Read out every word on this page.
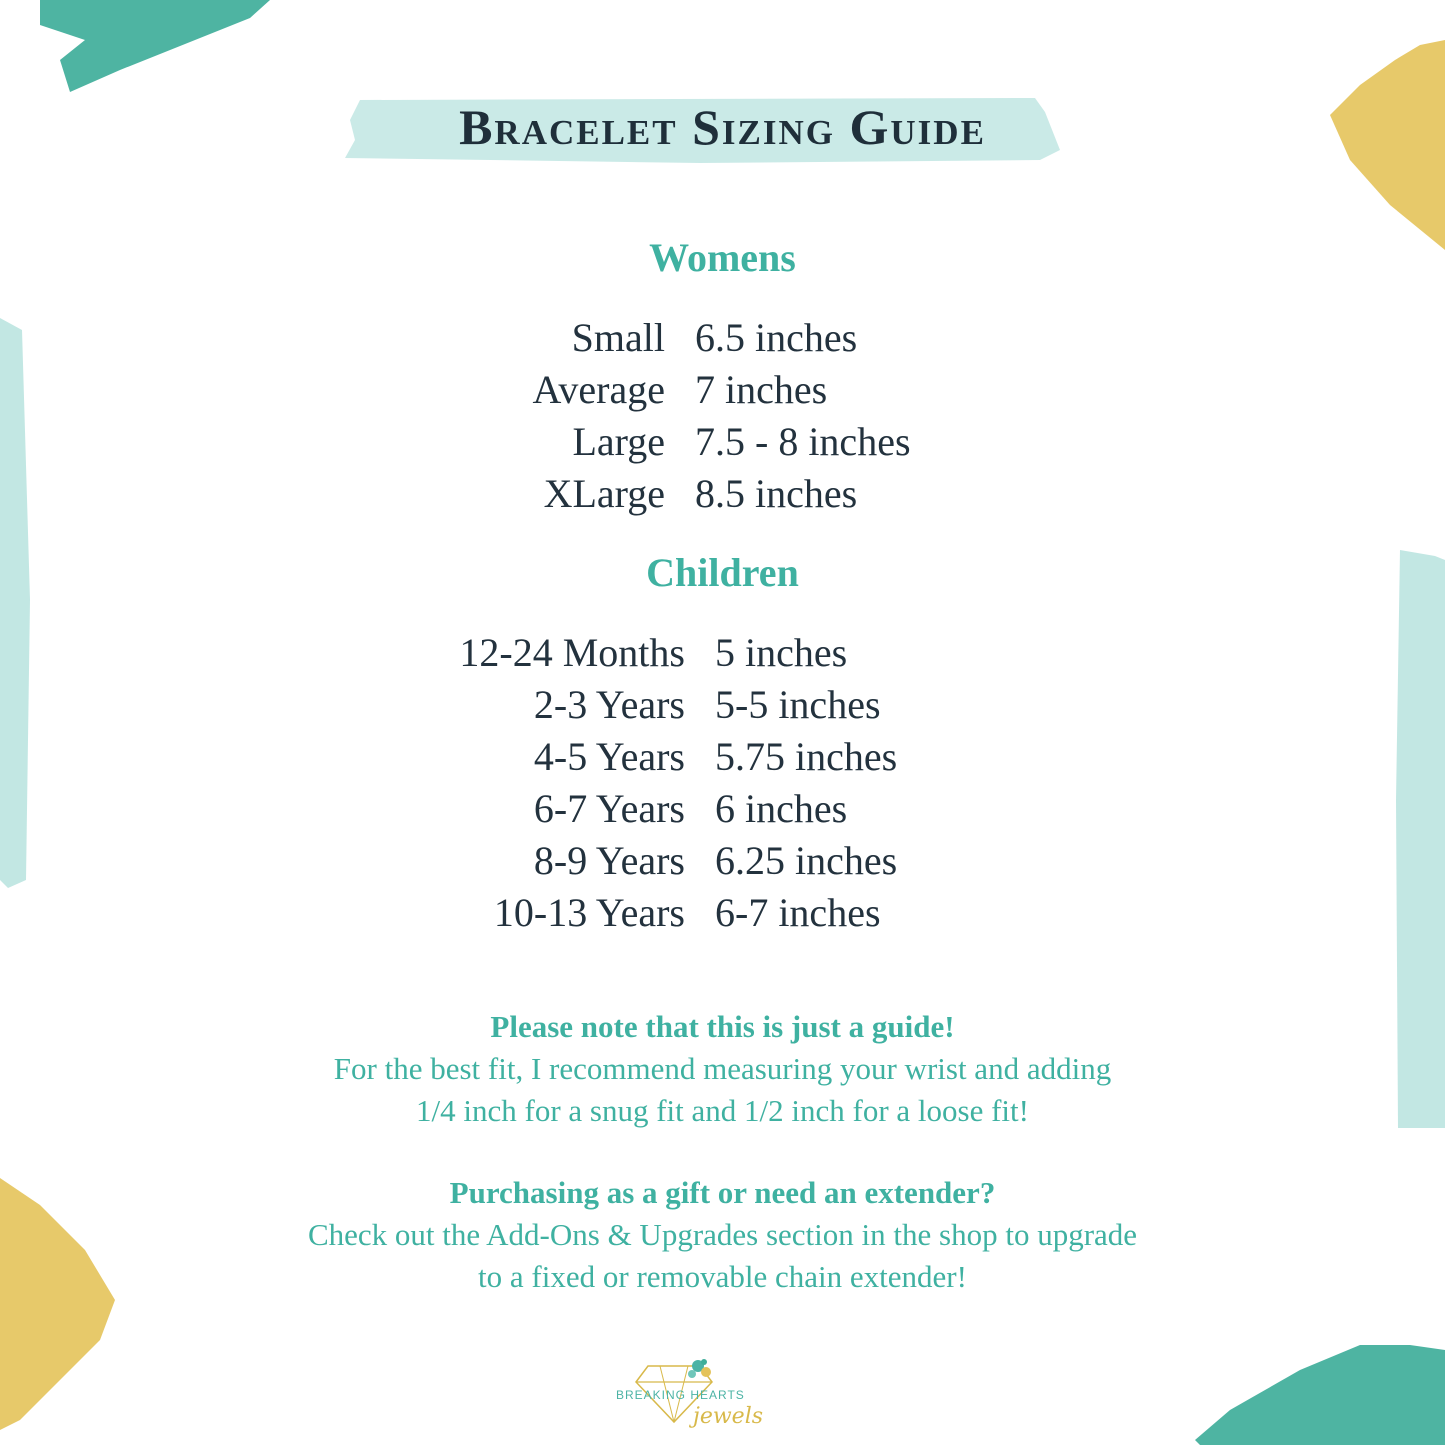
Bracelet Sizing Guide
Womens
Small 6.5 inches
Average 7 inches
Large 7.5 - 8 inches
XLarge 8.5 inches
Children
12-24 Months 5 inches
2-3 Years 5-5 inches
4-5 Years 5.75 inches
6-7 Years 6 inches
8-9 Years 6.25 inches
10-13 Years 6-7 inches
Please note that this is just a guide!
For the best fit, I recommend measuring your wrist and adding
1/4 inch for a snug fit and 1/2 inch for a loose fit!
Purchasing as a gift or need an extender?
Check out the Add-Ons & Upgrades section in the shop to upgrade
to a fixed or removable chain extender!
BREAKING HEARTS
jewels
